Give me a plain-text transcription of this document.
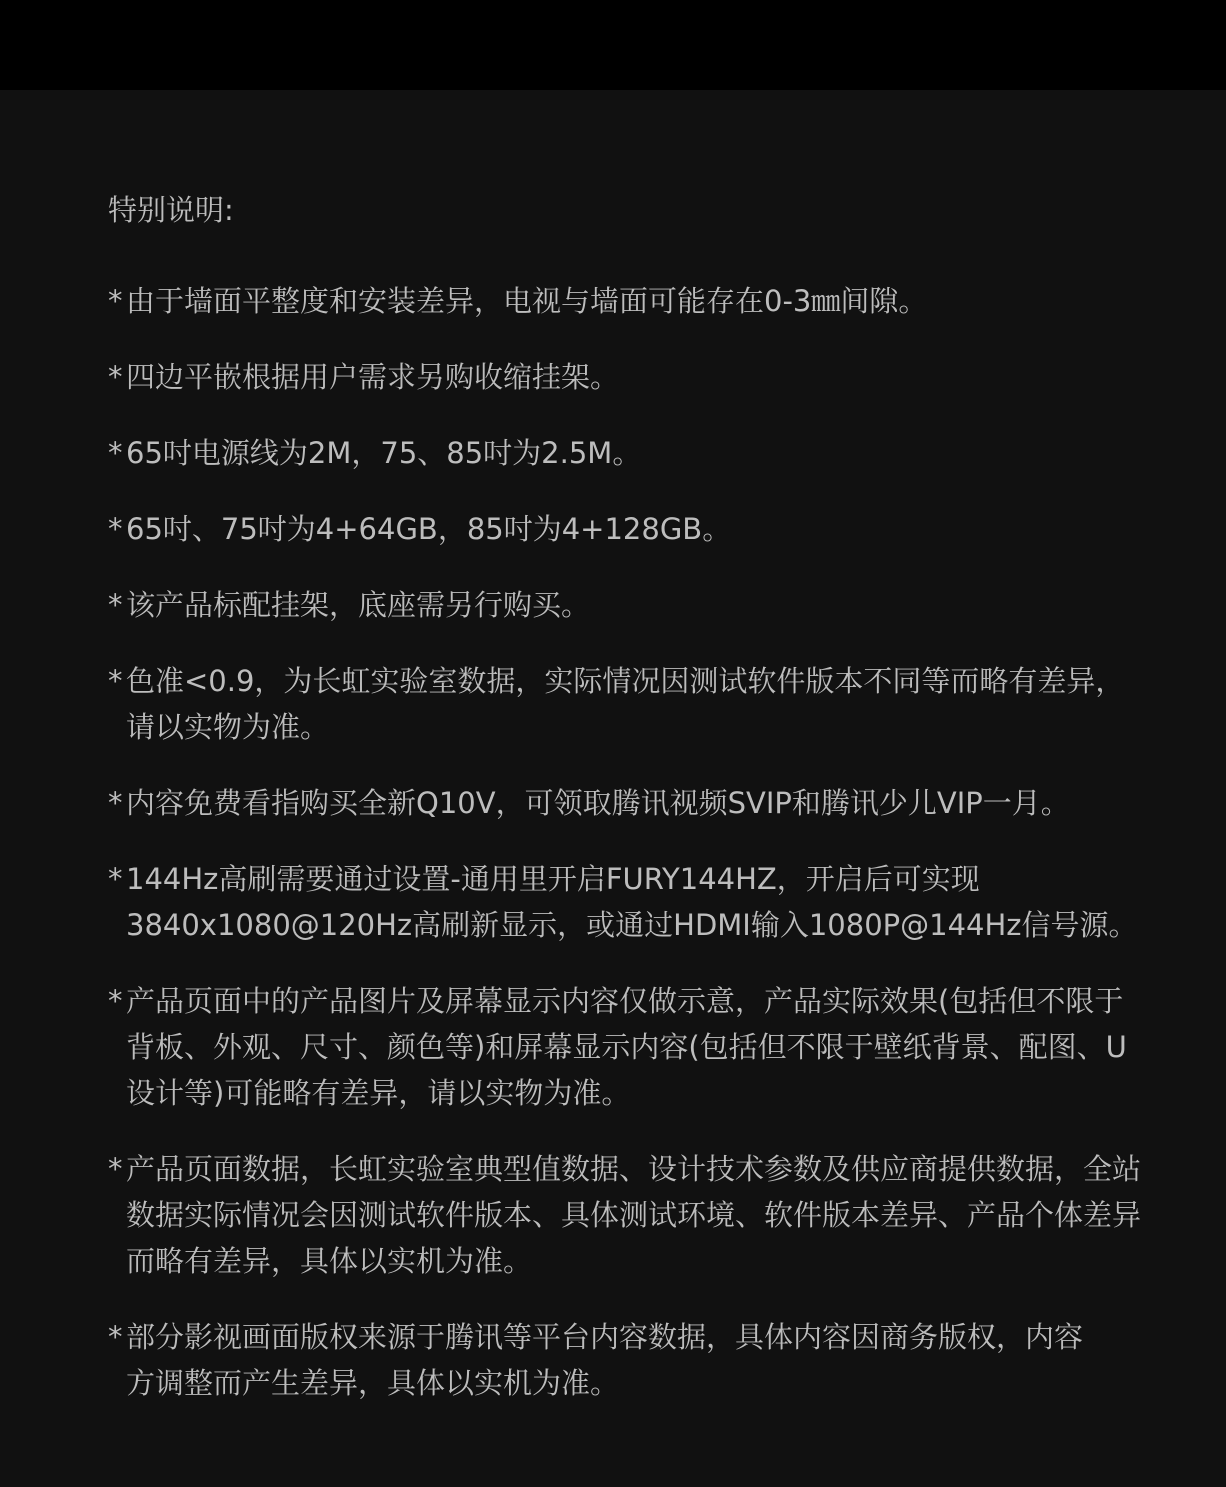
特别说明:
* 由于墙面平整度和安装差异，电视与墙面可能存在0-3㎜间隙。
* 四边平嵌根据用户需求另购收缩挂架。
* 65吋电源线为2M，75、85吋为2.5M。
* 65吋、75吋为4+64GB，85吋为4+128GB。
* 该产品标配挂架，底座需另行购买。
* 色准<0.9，为长虹实验室数据，实际情况因测试软件版本不同等而略有差异，请以实物为准。
* 内容免费看指购买全新Q10V，可领取腾讯视频SVIP和腾讯少儿VIP一月。
* 144Hz高刷需要通过设置-通用里开启FURY144HZ，开启后可实现3840x1080@120Hz高刷新显示，或通过HDMI输入1080P@144Hz信号源。
* 产品页面中的产品图片及屏幕显示内容仅做示意，产品实际效果(包括但不限于背板、外观、尺寸、颜色等)和屏幕显示内容(包括但不限于壁纸背景、配图、U设计等)可能略有差异，请以实物为准。
* 产品页面数据，长虹实验室典型值数据、设计技术参数及供应商提供数据，全站数据实际情况会因测试软件版本、具体测试环境、软件版本差异、产品个体差异而略有差异，具体以实机为准。
* 部分影视画面版权来源于腾讯等平台内容数据，具体内容因商务版权，内容方调整而产生差异，具体以实机为准。
